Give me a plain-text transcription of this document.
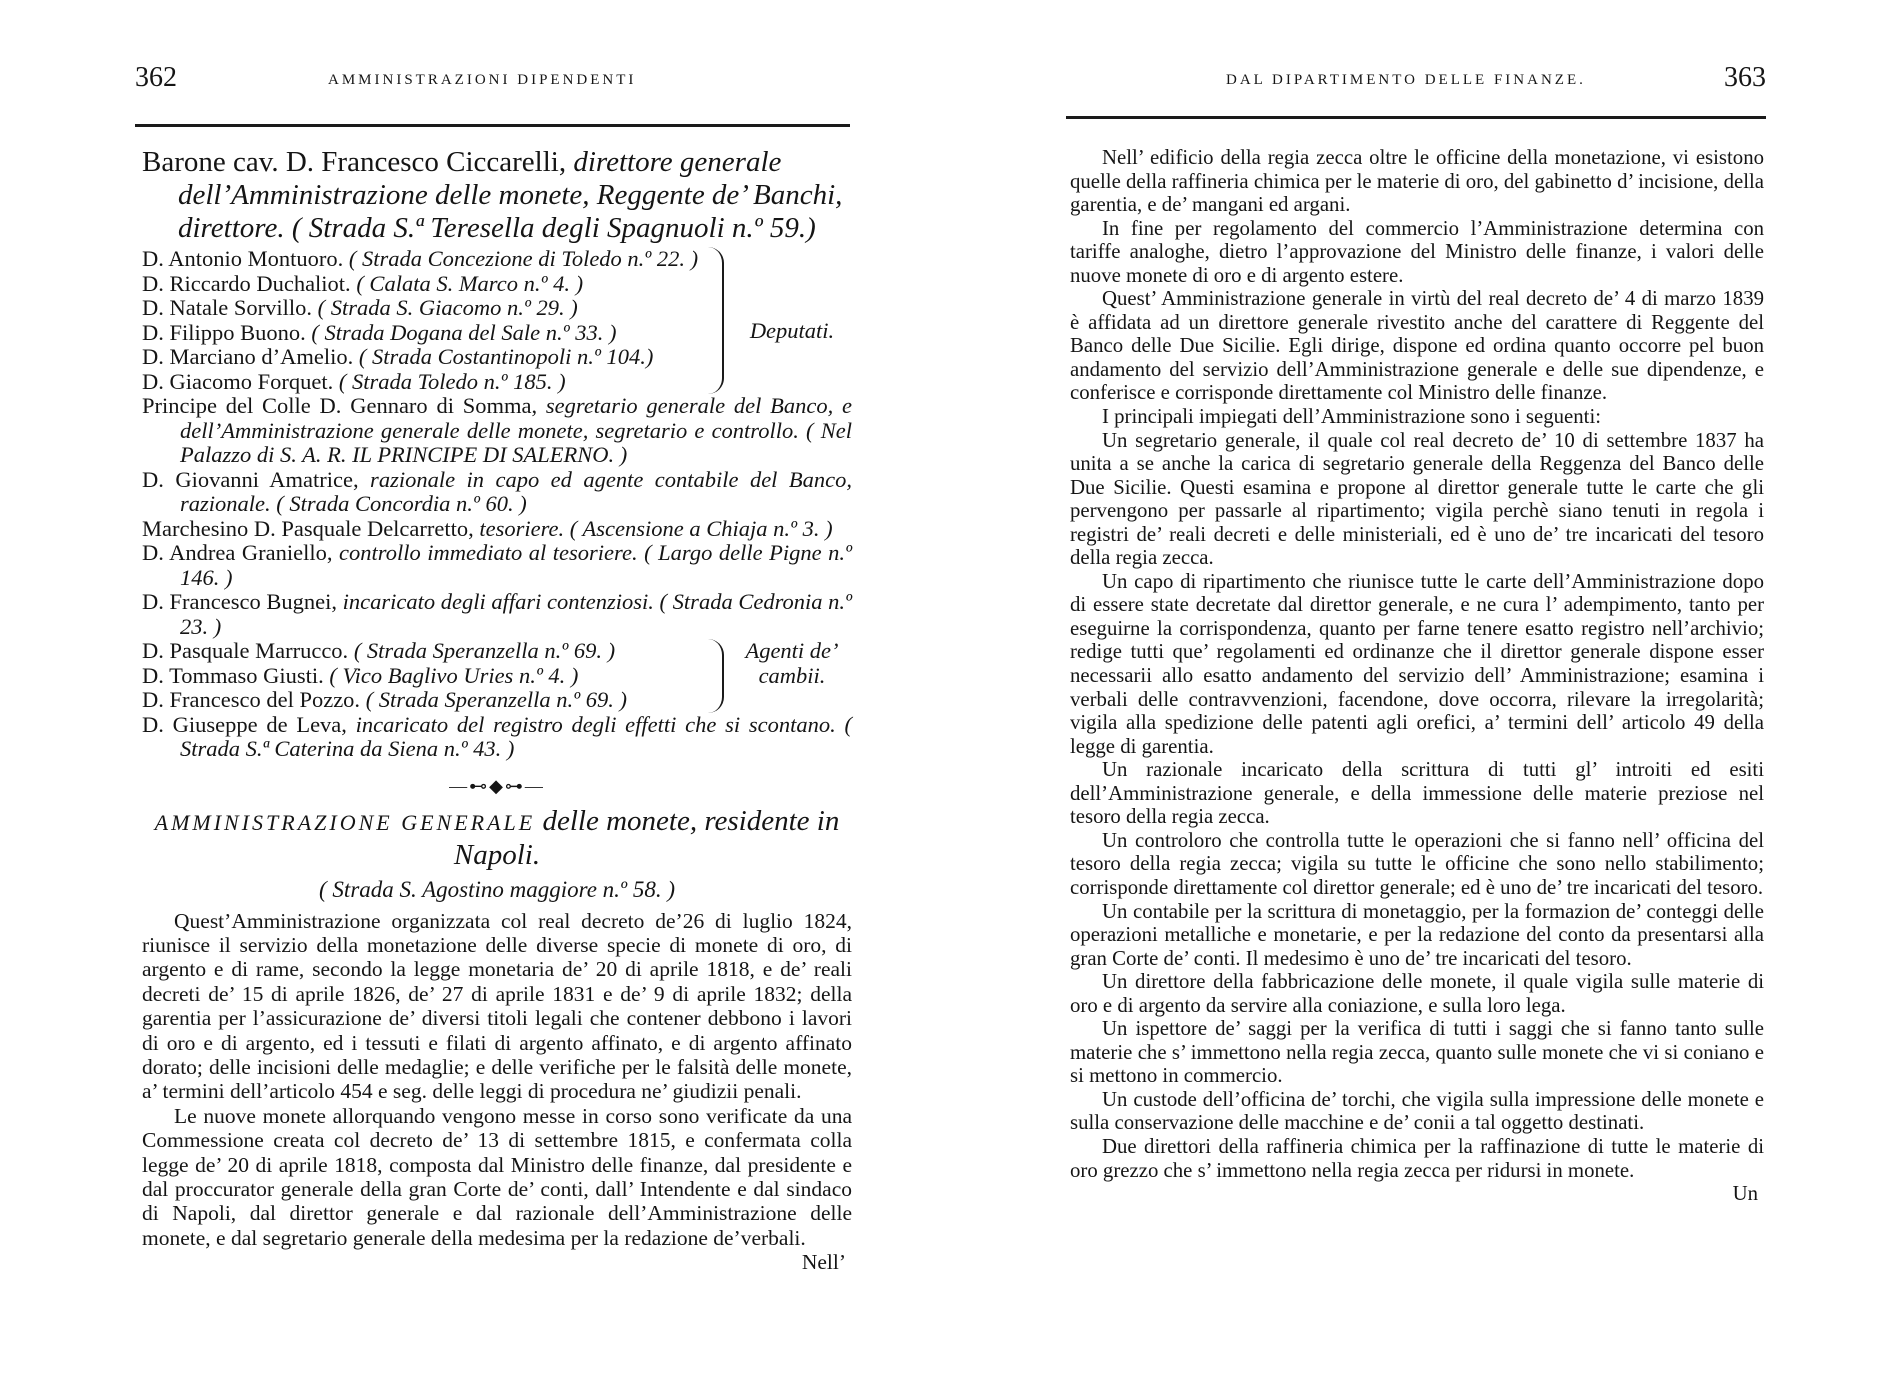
362	AMMINISTRAZIONI DIPENDENTI
Barone cav. D. Francesco Ciccarelli, direttore generale dell’Amministrazione delle monete, Reggente de’ Banchi, direttore. ( Strada S.ª Teresella degli Spagnuoli n.º 59.)
D. Antonio Montuoro. ( Strada Concezione di Toledo n.º 22. )
D. Riccardo Duchaliot. ( Calata S. Marco n.º 4. )
D. Natale Sorvillo. ( Strada S. Giacomo n.º 29. )
D. Filippo Buono. ( Strada Dogana del Sale n.º 33. )
D. Marciano d’Amelio. ( Strada Costantinopoli n.º 104.)
D. Giacomo Forquet. ( Strada Toledo n.º 185. )
Deputati.
Principe del Colle D. Gennaro di Somma, segretario generale del Banco, e dell’Amministrazione generale delle monete, segretario e controllo. ( Nel Palazzo di S. A. R. IL PRINCIPE DI SALERNO. )
D. Giovanni Amatrice, razionale in capo ed agente contabile del Banco, razionale. ( Strada Concordia n.º 60. )
Marchesino D. Pasquale Delcarretto, tesoriere. ( Ascensione a Chiaja n.º 3. )
D. Andrea Graniello, controllo immediato al tesoriere. ( Largo delle Pigne n.º 146. )
D. Francesco Bugnei, incaricato degli affari contenziosi. ( Strada Cedronia n.º 23. )
D. Pasquale Marrucco. ( Strada Speranzella n.º 69. )
D. Tommaso Giusti. ( Vico Baglivo Uries n.º 4. )
D. Francesco del Pozzo. ( Strada Speranzella n.º 69. )
Agenti de’ cambii.
D. Giuseppe de Leva, incaricato del registro degli effetti che si scontano. ( Strada S.ª Caterina da Siena n.º 43. )
—⊷◆⊶—
AMMINISTRAZIONE GENERALE delle monete, residente in Napoli.
( Strada S. Agostino maggiore n.º 58. )

Quest’Amministrazione organizzata col real decreto de’26 di luglio 1824, riunisce il servizio della monetazione delle diverse specie di monete di oro, di argento e di rame, secondo la legge monetaria de’ 20 di aprile 1818, e de’ reali decreti de’ 15 di aprile 1826, de’ 27 di aprile 1831 e de’ 9 di aprile 1832; della garentia per l’assicurazione de’ diversi titoli legali che contener debbono i lavori di oro e di argento, ed i tessuti e filati di argento affinato, e di argento affinato dorato; delle incisioni delle medaglie; e delle verifiche per le falsità delle monete, a’ termini dell’articolo 454 e seg. delle leggi di procedura ne’ giudizii penali.

Le nuove monete allorquando vengono messe in corso sono verificate da una Commessione creata col decreto de’ 13 di settembre 1815, e confermata colla legge de’ 20 di aprile 1818, composta dal Ministro delle finanze, dal presidente e dal proccurator generale della gran Corte de’ conti, dall’ Intendente e dal sindaco di Napoli, dal direttor generale e dal razionale dell’Amministrazione delle monete, e dal segretario generale della medesima per la redazione de’verbali.

Nell’
DAL DIPARTIMENTO DELLE FINANZE.	363

Nell’ edificio della regia zecca oltre le officine della monetazione, vi esistono quelle della raffineria chimica per le materie di oro, del gabinetto d’ incisione, della garentia, e de’ mangani ed argani.

In fine per regolamento del commercio l’Amministrazione determina con tariffe analoghe, dietro l’approvazione del Ministro delle finanze, i valori delle nuove monete di oro e di argento estere.

Quest’ Amministrazione generale in virtù del real decreto de’ 4 di marzo 1839 è affidata ad un direttore generale rivestito anche del carattere di Reggente del Banco delle Due Sicilie. Egli dirige, dispone ed ordina quanto occorre pel buon andamento del servizio dell’Amministrazione generale e delle sue dipendenze, e conferisce e corrisponde direttamente col Ministro delle finanze.

I principali impiegati dell’Amministrazione sono i seguenti:

Un segretario generale, il quale col real decreto de’ 10 di settembre 1837 ha unita a se anche la carica di segretario generale della Reggenza del Banco delle Due Sicilie. Questi esamina e propone al direttor generale tutte le carte che gli pervengono per passarle al ripartimento; vigila perchè siano tenuti in regola i registri de’ reali decreti e delle ministeriali, ed è uno de’ tre incaricati del tesoro della regia zecca.

Un capo di ripartimento che riunisce tutte le carte dell’Amministrazione dopo di essere state decretate dal direttor generale, e ne cura l’ adempimento, tanto per eseguirne la corrispondenza, quanto per farne tenere esatto registro nell’archivio; redige tutti que’ regolamenti ed ordinanze che il direttor generale dispone esser necessarii allo esatto andamento del servizio dell’ Amministrazione; esamina i verbali delle contravvenzioni, facendone, dove occorra, rilevare la irregolarità; vigila alla spedizione delle patenti agli orefici, a’ termini dell’ articolo 49 della legge di garentia.

Un razionale incaricato della scrittura di tutti gl’ introiti ed esiti dell’Amministrazione generale, e della immessione delle materie preziose nel tesoro della regia zecca.

Un controloro che controlla tutte le operazioni che si fanno nell’ officina del tesoro della regia zecca; vigila su tutte le officine che sono nello stabilimento; corrisponde direttamente col direttor generale; ed è uno de’ tre incaricati del tesoro.

Un contabile per la scrittura di monetaggio, per la formazion de’ conteggi delle operazioni metalliche e monetarie, e per la redazione del conto da presentarsi alla gran Corte de’ conti. Il medesimo è uno de’ tre incaricati del tesoro.

Un direttore della fabbricazione delle monete, il quale vigila sulle materie di oro e di argento da servire alla coniazione, e sulla loro lega.

Un ispettore de’ saggi per la verifica di tutti i saggi che si fanno tanto sulle materie che s’ immettono nella regia zecca, quanto sulle monete che vi si coniano e si mettono in commercio.

Un custode dell’officina de’ torchi, che vigila sulla impressione delle monete e sulla conservazione delle macchine e de’ conii a tal oggetto destinati.

Due direttori della raffineria chimica per la raffinazione di tutte le materie di oro grezzo che s’ immettono nella regia zecca per ridursi in monete.

Un
